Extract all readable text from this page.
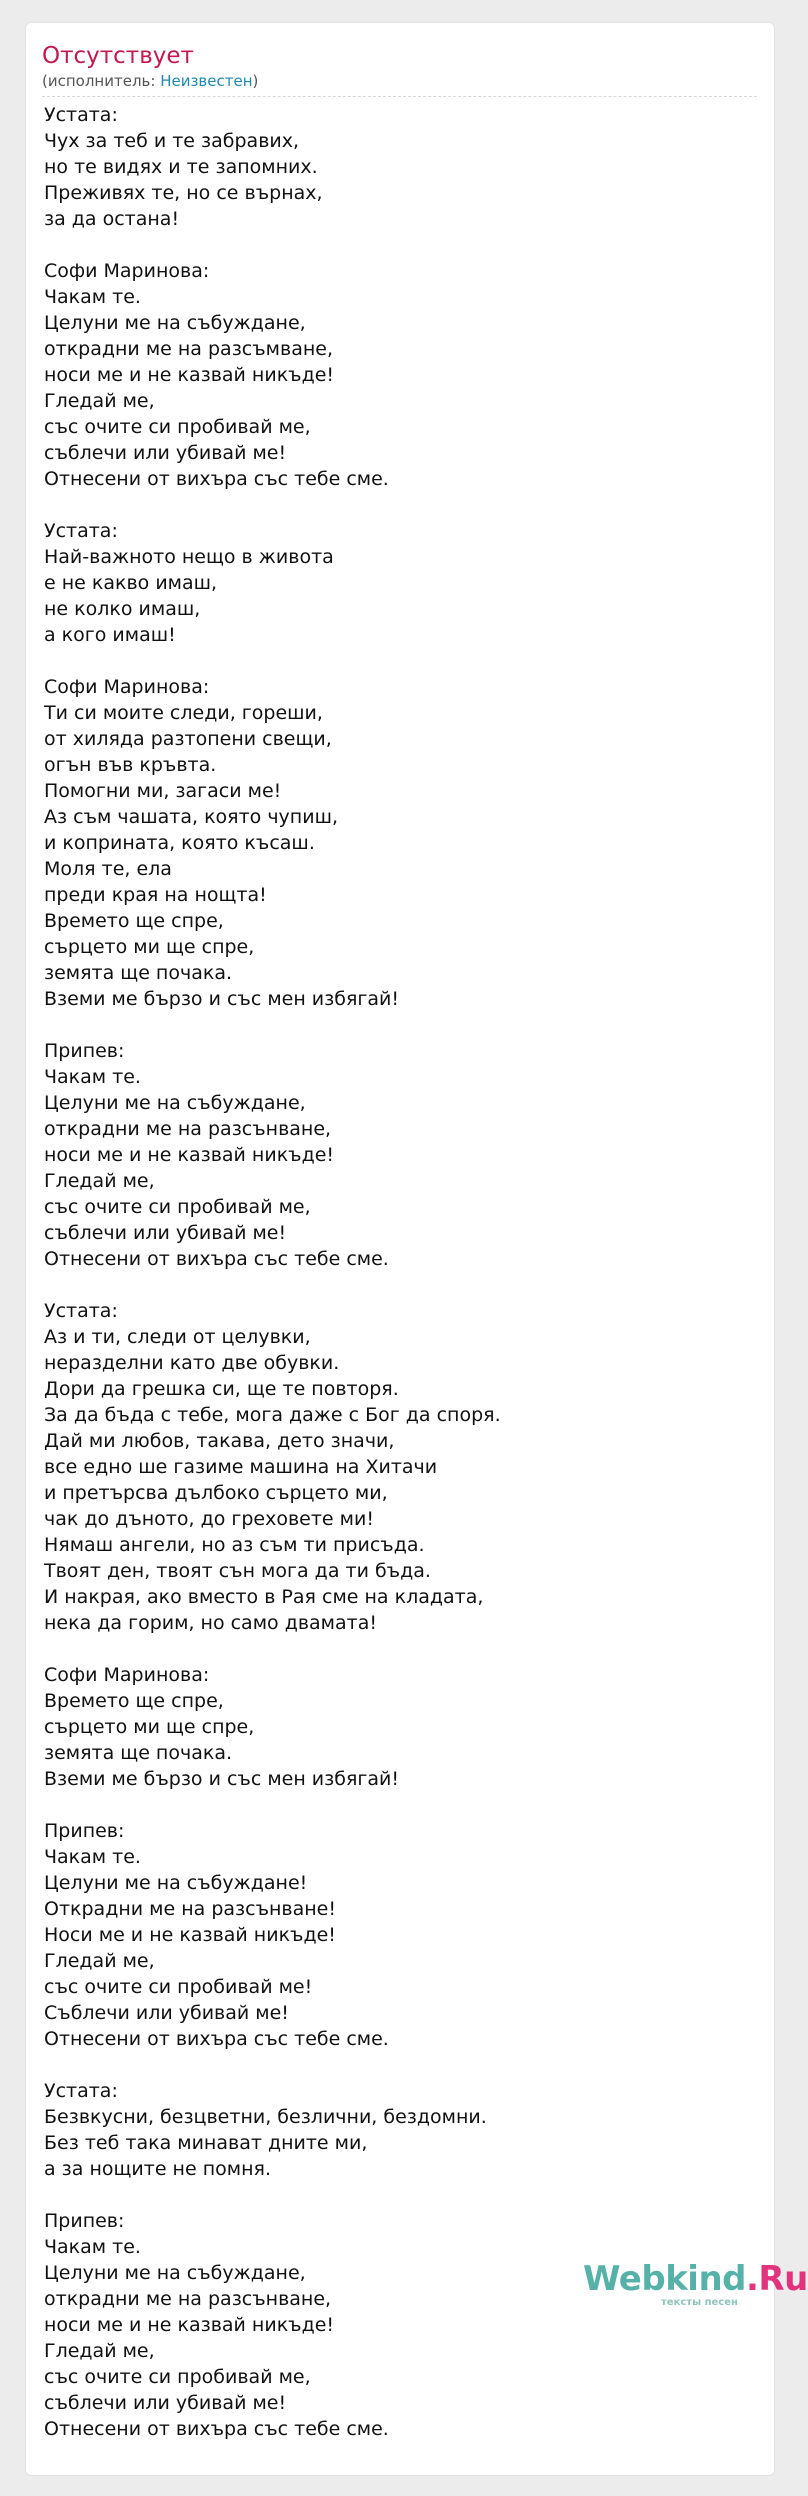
Отсутствует
(исполнитель: Неизвестен)
Устата:
Чух за теб и те забравих,
но те видях и те запомних.
Преживях те, но се върнах,
за да остана!
Софи Маринова:
Чакам те.
Целуни ме на събуждане,
открадни ме на разсъмване,
носи ме и не казвай никъде!
Гледай ме,
със очите си пробивай ме,
съблечи или убивай ме!
Отнесени от вихъра със тебе сме.
Устата:
Най-важното нещо в живота
е не какво имаш,
не колко имаш,
а кого имаш!
Софи Маринова:
Ти си моите следи, гореши,
от хиляда разтопени свещи,
огън във кръвта.
Помогни ми, загаси ме!
Аз съм чашата, която чупиш,
и коприната, която късаш.
Моля те, ела
преди края на нощта!
Времето ще спре,
сърцето ми ще спре,
земята ще почака.
Вземи ме бързо и със мен избягай!
Припев:
Чакам те.
Целуни ме на събуждане,
открадни ме на разсънване,
носи ме и не казвай никъде!
Гледай ме,
със очите си пробивай ме,
съблечи или убивай ме!
Отнесени от вихъра със тебе сме.
Устата:
Аз и ти, следи от целувки,
неразделни като две обувки.
Дори да грешка си, ще те повторя.
За да бъда с тебе, мога даже с Бог да споря.
Дай ми любов, такава, дето значи,
все едно ше газиме машина на Хитачи
и претърсва дълбоко сърцето ми,
чак до дъното, до греховете ми!
Нямаш ангели, но аз съм ти присъда.
Твоят ден, твоят сън мога да ти бъда.
И накрая, ако вместо в Рая сме на кладата,
нека да горим, но само двамата!
Софи Маринова:
Времето ще спре,
сърцето ми ще спре,
земята ще почака.
Вземи ме бързо и със мен избягай!
Припев:
Чакам те.
Целуни ме на събуждане!
Открадни ме на разсънване!
Носи ме и не казвай никъде!
Гледай ме,
със очите си пробивай ме!
Съблечи или убивай ме!
Отнесени от вихъра със тебе сме.
Устата:
Безвкусни, безцветни, безлични, бездомни.
Без теб така минават дните ми,
а за нощите не помня.
Припев:
Чакам те.
Целуни ме на събуждане,
открадни ме на разсънване,
носи ме и не казвай никъде!
Гледай ме,
със очите си пробивай ме,
съблечи или убивай ме!
Отнесени от вихъра със тебе сме.
Webkind.Ru
тексты песен
